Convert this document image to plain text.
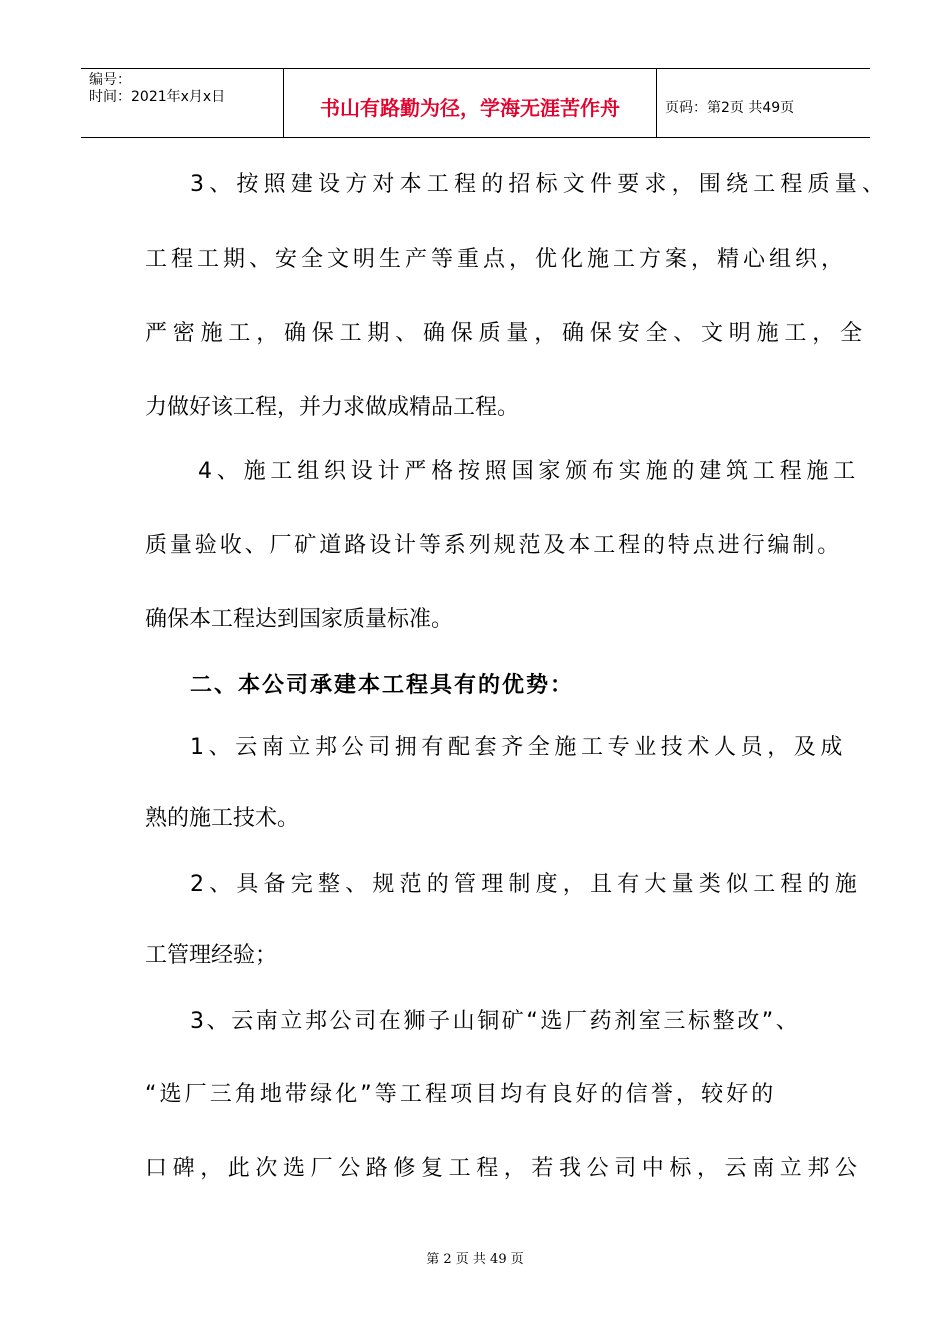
编号：
时间：2021年x月x日	书山有路勤为径，学海无涯苦作舟	页码：第2页 共49页
3、按照建设方对本工程的招标文件要求，围绕工程质量、
工程工期、安全文明生产等重点，优化施工方案，精心组织，
严密施工，确保工期、确保质量，确保安全、文明施工，全
力做好该工程，并力求做成精品工程。
4、施工组织设计严格按照国家颁布实施的建筑工程施工
质量验收、厂矿道路设计等系列规范及本工程的特点进行编制。
确保本工程达到国家质量标准。
二、本公司承建本工程具有的优势：
1、云南立邦公司拥有配套齐全施工专业技术人员，及成
熟的施工技术。
2、具备完整、规范的管理制度，且有大量类似工程的施
工管理经验；
3、云南立邦公司在狮子山铜矿“选厂药剂室三标整改”、
“选厂三角地带绿化”等工程项目均有良好的信誉，较好的
口碑，此次选厂公路修复工程，若我公司中标，云南立邦公
第 2 页 共 49 页
